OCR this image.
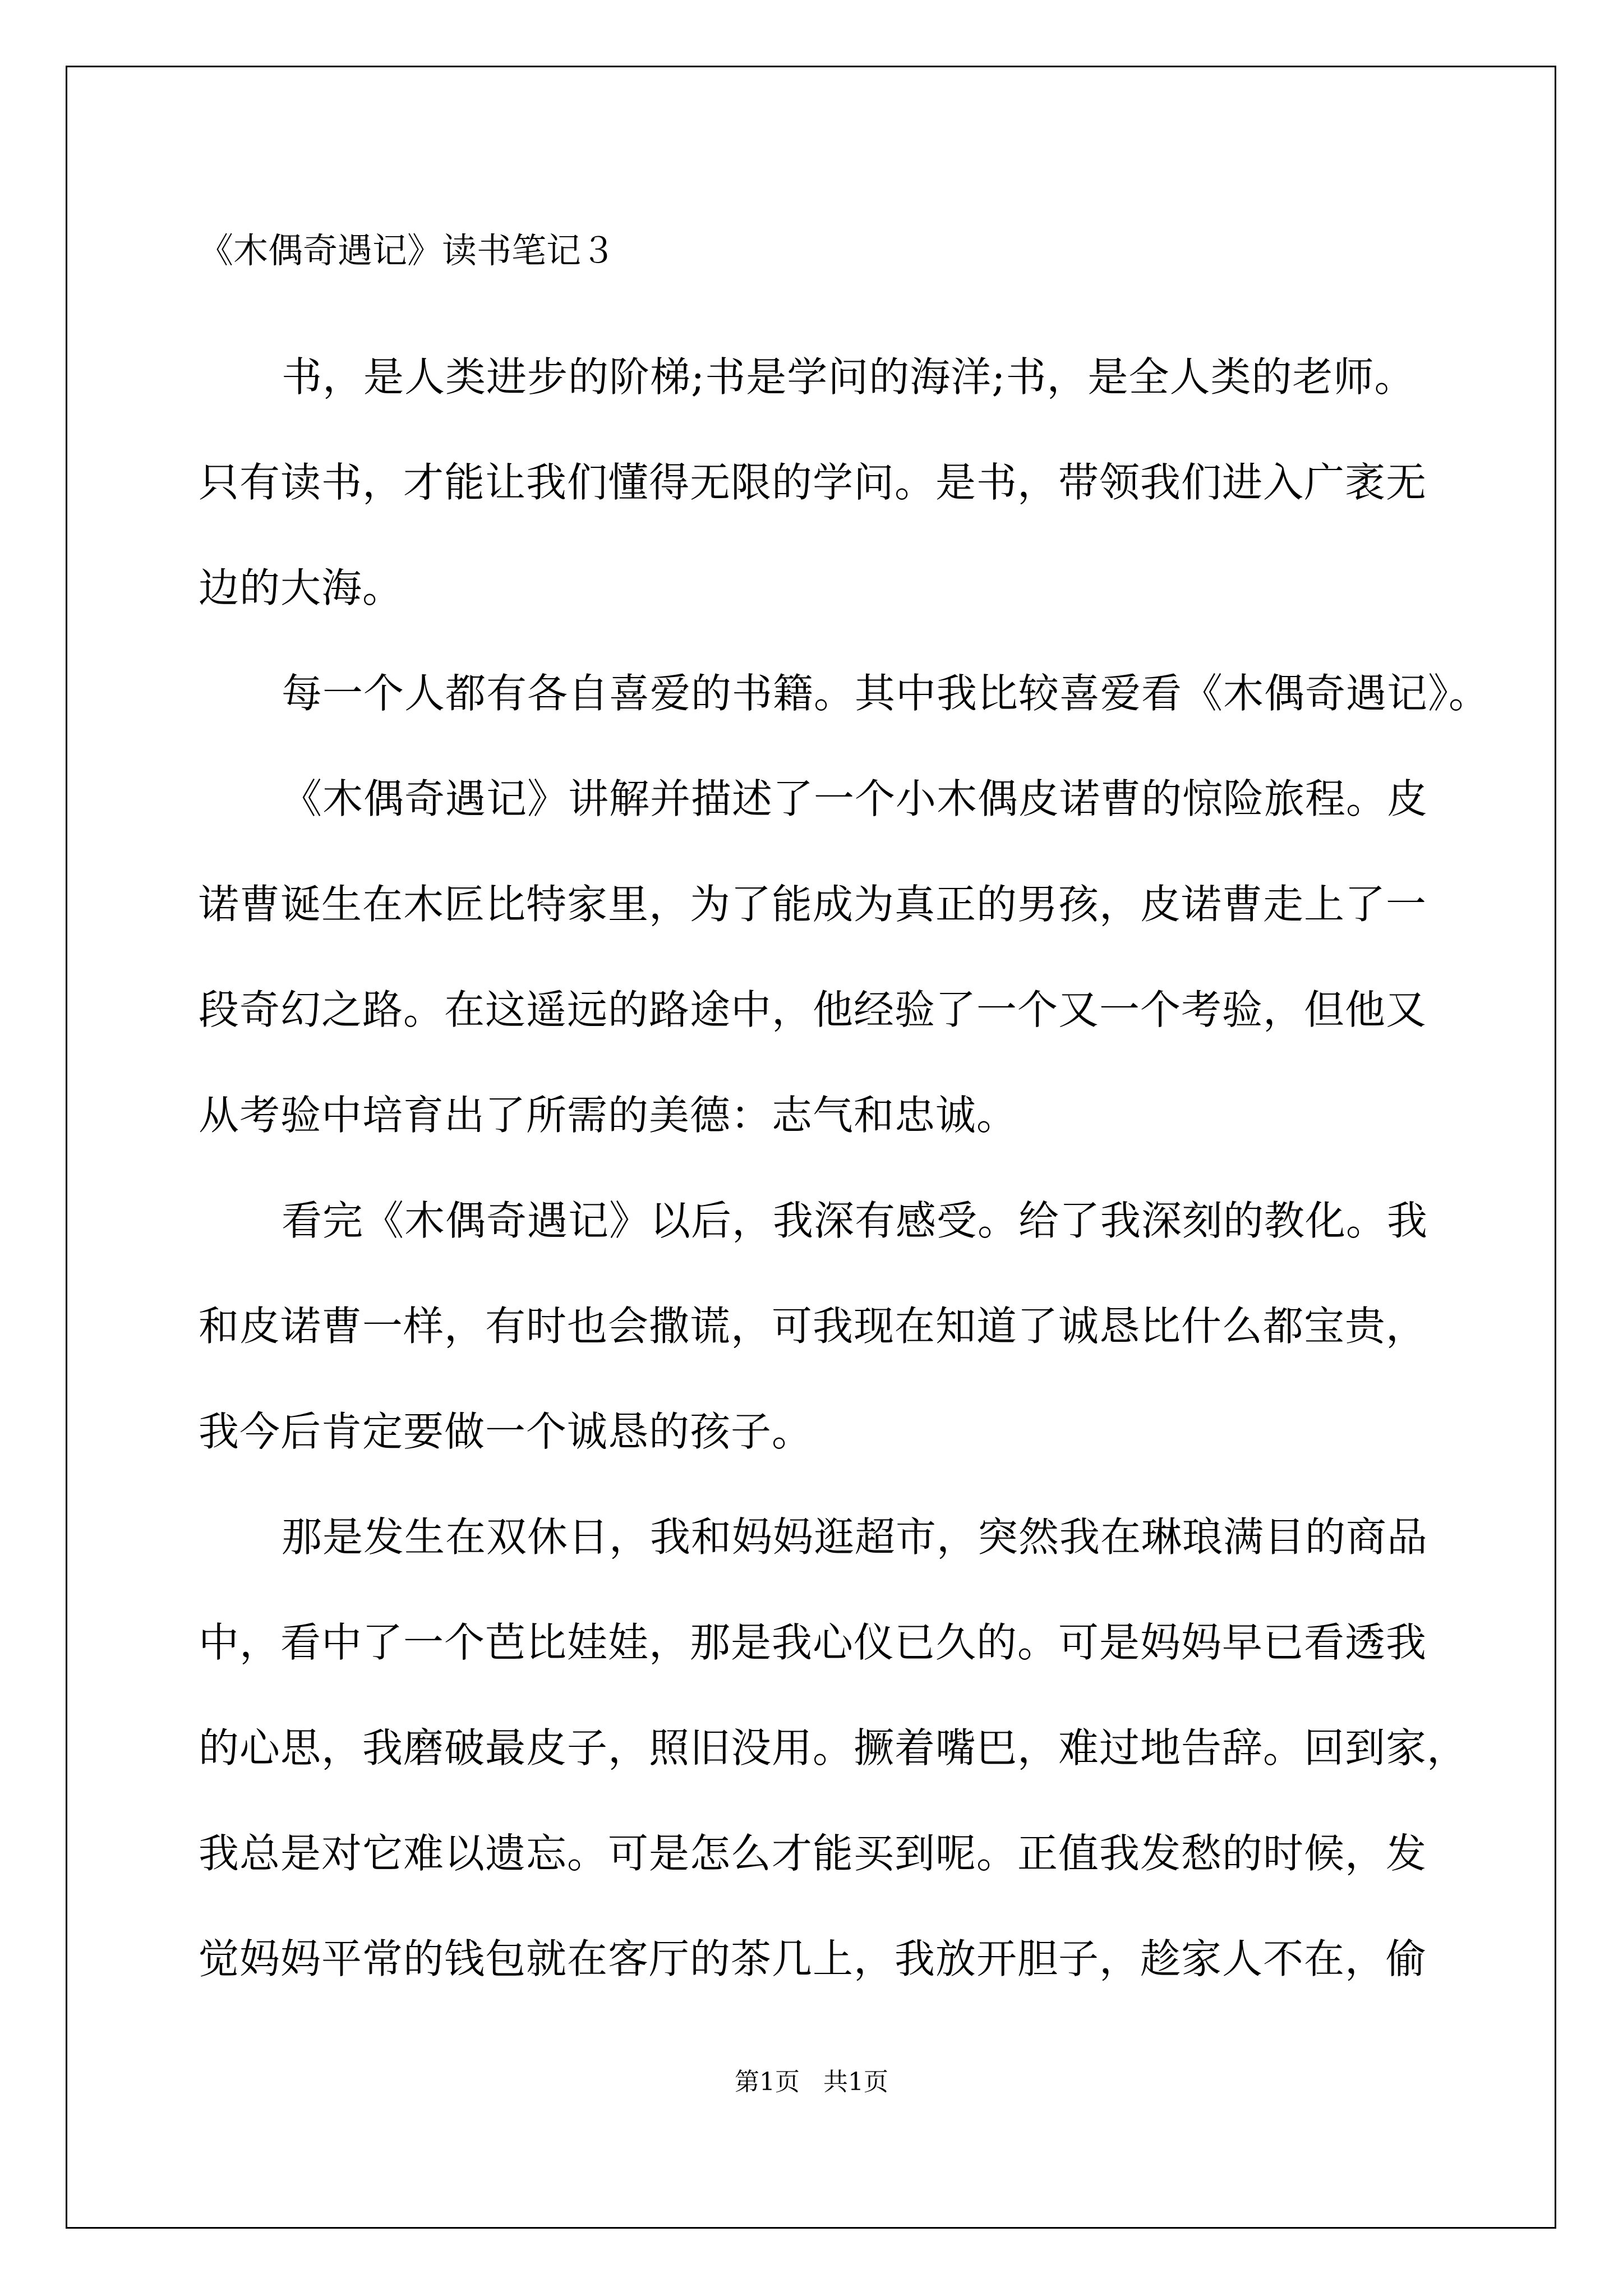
《木偶奇遇记》读书笔记３
书，是人类进步的阶梯;书是学问的海洋;书，是全人类的老师。
只有读书，才能让我们懂得无限的学问。是书，带领我们进入广袤无
边的大海。
每一个人都有各自喜爱的书籍。其中我比较喜爱看《木偶奇遇记》。
《木偶奇遇记》讲解并描述了一个小木偶皮诺曹的惊险旅程。皮
诺曹诞生在木匠比特家里，为了能成为真正的男孩，皮诺曹走上了一
段奇幻之路。在这遥远的路途中，他经验了一个又一个考验，但他又
从考验中培育出了所需的美德：志气和忠诚。
看完《木偶奇遇记》以后，我深有感受。给了我深刻的教化。我
和皮诺曹一样，有时也会撒谎，可我现在知道了诚恳比什么都宝贵，
我今后肯定要做一个诚恳的孩子。
那是发生在双休日，我和妈妈逛超市，突然我在琳琅满目的商品
中，看中了一个芭比娃娃，那是我心仪已久的。可是妈妈早已看透我
的心思，我磨破最皮子，照旧没用。撅着嘴巴，难过地告辞。回到家，
我总是对它难以遗忘。可是怎么才能买到呢。正值我发愁的时候，发
觉妈妈平常的钱包就在客厅的茶几上，我放开胆子，趁家人不在，偷
第1页   共1页
